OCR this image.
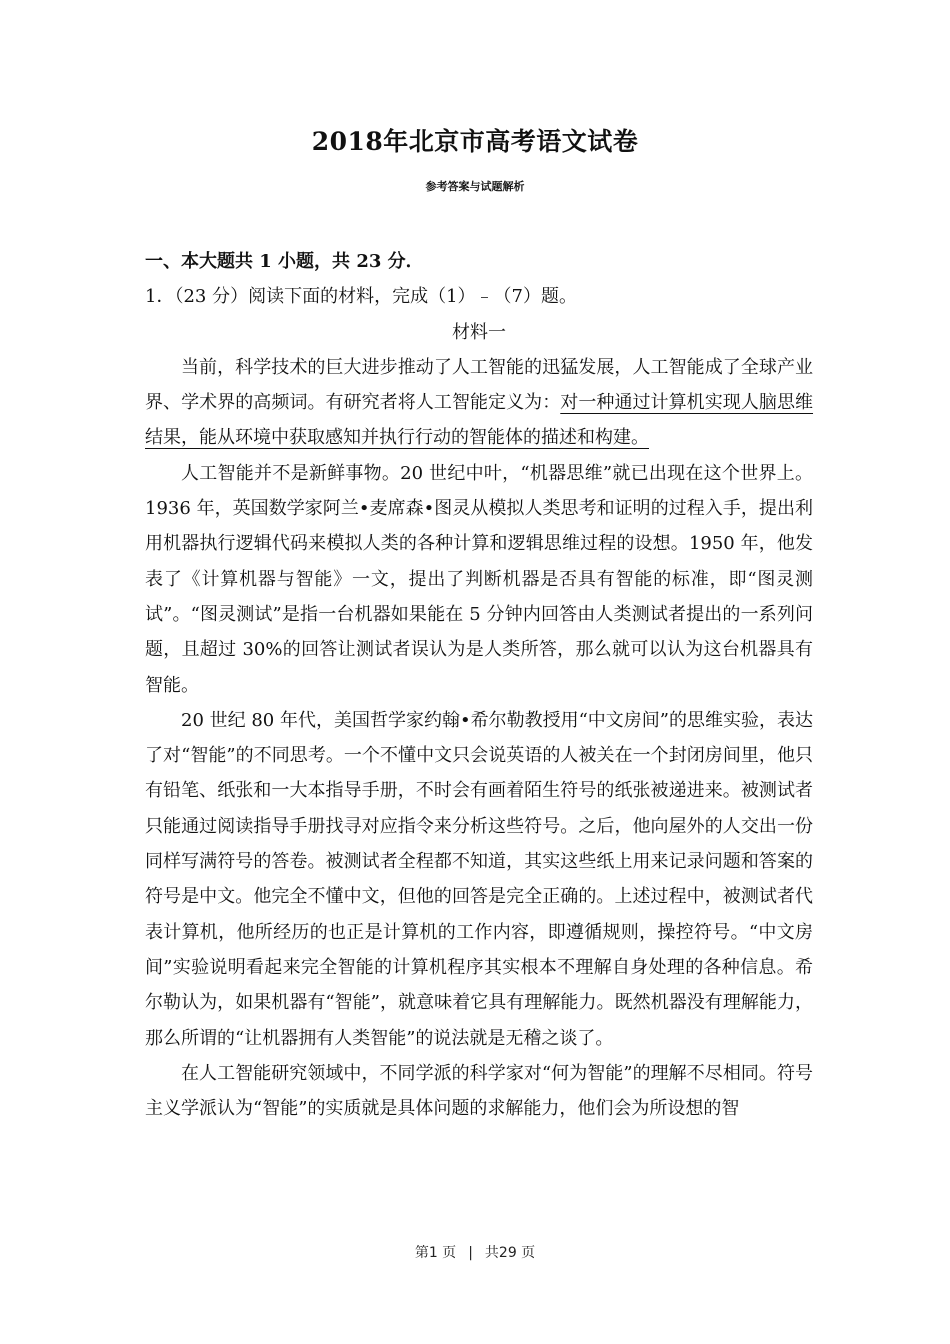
2018年北京市高考语文试卷
参考答案与试题解析

一、本大题共 1 小题，共 23 分．

1．（23 分）阅读下面的材料，完成（1）﹣（7）题。

材料一

当前，科学技术的巨大进步推动了人工智能的迅猛发展，人工智能成了全球产业界、学术界的高频词。有研究者将人工智能定义为：对一种通过计算机实现人脑思维结果，能从环境中获取感知并执行行动的智能体的描述和构建。

人工智能并不是新鲜事物。20 世纪中叶，“机器思维”就已出现在这个世界上。1936 年，英国数学家阿兰•麦席森•图灵从模拟人类思考和证明的过程入手，提出利用机器执行逻辑代码来模拟人类的各种计算和逻辑思维过程的设想。1950 年，他发表了《计算机器与智能》一文，提出了判断机器是否具有智能的标准，即“图灵测试”。“图灵测试”是指一台机器如果能在 5 分钟内回答由人类测试者提出的一系列问题，且超过 30%的回答让测试者误认为是人类所答，那么就可以认为这台机器具有智能。

20 世纪 80 年代，美国哲学家约翰•希尔勒教授用“中文房间”的思维实验，表达了对“智能”的不同思考。一个不懂中文只会说英语的人被关在一个封闭房间里，他只有铅笔、纸张和一大本指导手册，不时会有画着陌生符号的纸张被递进来。被测试者只能通过阅读指导手册找寻对应指令来分析这些符号。之后，他向屋外的人交出一份同样写满符号的答卷。被测试者全程都不知道，其实这些纸上用来记录问题和答案的符号是中文。他完全不懂中文，但他的回答是完全正确的。上述过程中，被测试者代表计算机，他所经历的也正是计算机的工作内容，即遵循规则，操控符号。“中文房间”实验说明看起来完全智能的计算机程序其实根本不理解自身处理的各种信息。希尔勒认为，如果机器有“智能”，就意味着它具有理解能力。既然机器没有理解能力，那么所谓的“让机器拥有人类智能”的说法就是无稽之谈了。

在人工智能研究领域中，不同学派的科学家对“何为智能”的理解不尽相同。符号主义学派认为“智能”的实质就是具体问题的求解能力，他们会为所设想的智

第1 页 | 共29 页
